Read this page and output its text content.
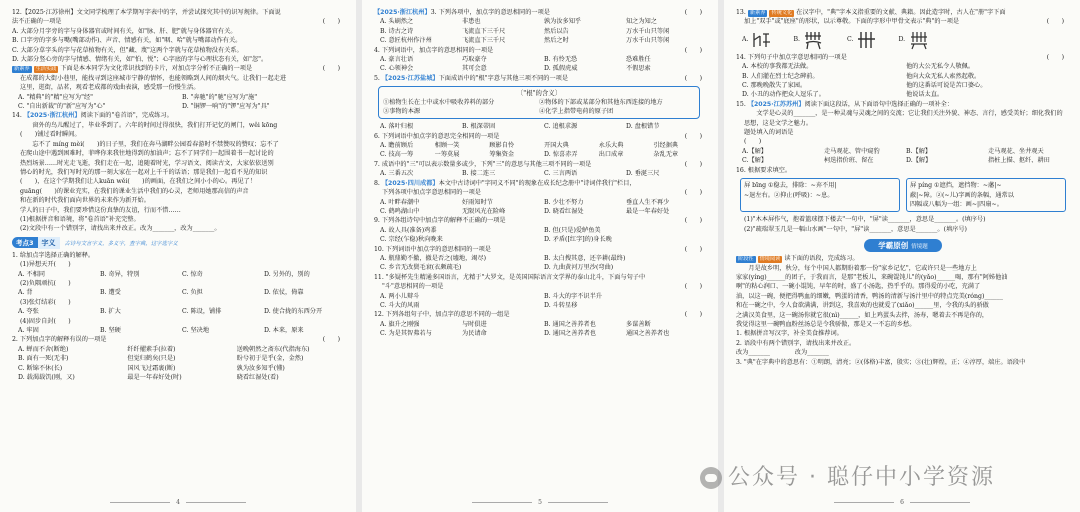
12.【2025·江苏徐州】文文同学梳理了本学期写字表中的字，并尝试探究其中的识写规律。下面说
法不正确的一项是	(　　)
A. 大部分月字旁的字与身体器官或时间有关，如"脉、肝、肥"就与身体器官有关。
B. 口字旁的字多与嘴(嘴部动作)、声音、情感有关，如"咽、哈"就与嘴部动作有关。
C. 大部分草字头的字与花草植物有关，但"藏、蔑"这两个字就与花草植物没有关系。
D. 大部分竖心旁的字与情感、情绪有关，如"怕、悦"；心字底的字与心理状态有关，如"忽"。
新素养 生活实践 下面是本本同学为文化常识找到的卡片，对加点字分析不正确的一项是	(　　)
在成都的大街小巷里，能找寻到这座城市宁静的情怀，也能领略到人间的烟火气。让我们一起走进
这里，逛街，品茗，观看老成都的戏曲表演，感受那一份慢生活。
A. "精典"的"精"应写为"经"	B. "奔驰"的"驰"应写为"施"
C. "自出新裁"的"新"应写为"心"	D. "铜锣一响"的"锣"应写为"具"
14. 【2025·浙江杭州】阅读下面的"卷首语"，完成练习。
　　窗外的鸟儿醒过了，毕业季到了。六年的时间过得很快，我们打开记忆的闸门，wěi kōng
(　　)铺过看时瞬间。
　　忘不了 míng mèi(　　)的日子里，我们在奔马湖畔公园看春游时不禁赞叹的赞叹；忘不了
在爬山途中遇到困难时，菲哗你来我往地得到的加油声；忘不了同学们一起围着书一起讨论的
热烈场景……时光走飞逝，我们走在一起，追随着时光，学习语文、阅读古文，大家依依送别
情心的时光，我们写时光的那一刻大家在一起对上千千的话语；那是我们一起看不见的知识
(　　)，在这个学期我们让人kuān wěi(　　)的画面，在我们之间小小的心。再见了！
guāng(　　)的课业充实，在我们的课业生活中我们的心灵，老师用她那高信的声音
和在新的时代我们面向世界的未来作为新开始。
学人的日子中，我们要珍惜这份真挚的友谊，行而不惜……
(1)根据拼音和语境，将"卷首语"补充完整。
(2)文段中有一个错别字，请找出来并改正。改为_______，改为_______。
考点3	字义	古诗与文言字义，多义字，查字典，这字选字义
1. 给加点字选择正确的解释。
(1)异想天开(　　)
A. 不相同	B. 奇异，特别	C. 惊奇	D. 另外的，别的
(2)负隅顽抗(　　)
A. 背	B. 遭受	C. 负担	D. 依仗，倚靠
(3)张灯结彩(　　)
A. 夸张	B. 扩大	C. 陈设，铺排	D. 使合拢的东西分开
(4)固步自封(　　)
A. 牢固	B. 坚硬	C. 坚决地	D. 本来，原来
2. 下列加点字的解释有误的一项是	(　　)
A. 蝉而不舍(断绝)	纤纤擢素手(拉着)	送晚朝然之斋东(代指海东)
B. 面有一死(无非)	但觉归鹤矣(只是)	盼兮初于是乎(金，金然)
C. 断锦不休(长)	国风飞过霜裹(断)	孰为汝多知乎(懂)
D. 载渴载饥(刚，又)	最是一年春好处(时)	晓看红湿处(看)
4
【2025·浙江杭州】3. 下列各项中，加点字的意思相同的一项是	(　　)
A. 头刷然之	非患也	孰为汝多知乎	知之为知之
B. 诗古之诗	飞流直下三千尺	然后以告	万水千山只等闲
C. 意匠杭州作汴州	飞流直下三千尺	然后之时	万水千山只等闲
4. 下列词语中，加点字的意思相同的一项是	(　　)
A. 豪言壮语	巧取豪夺	B. 有怜无恐	恐难胜任
C. 心领神会	其可会意	D. 孤假虎威	不假思索
5. 【2025·江苏盐城】下面成语中的"根"字意与其他三项不同的一项是	(　　)
〔"根"的含义〕
①植物生长在土中或水中吸收养料的部分	②物体的下部或某部分和其他东西连接的地方
③事物的本源	④化学上指带电荷的原子团
A. 落叶归根	B. 根深蒂固	C. 追根求源	D. 盘根错节
6. 下列词语中加点字的意思完全相同的一项是	(　　)
A. 瞻前顾后	相顾一笑	顾影自怜	开国大典	永乐大典	引经据典
C. 技高一筹	一筹莫展	筹集资金	D. 惊喜赤弄	出口成章	杂乱无章
7. 成语中的"三"可以表示数量多或少，下列"三"的意思与其他三项不同的一项是	(　　)
A. 三番五次	B. 接二连三	C. 三言两语	D. 垂涎三尺
8. 【2025·四川成都】本文中古诗词中"字同义不同"的现象在成长纪念册中"诗词伴我行"栏目，
下列各项中加点字意思相同的一项是	(　　)
A. 叶畔春潮中	好雨知时节	B. 少壮不努力	垂直人生不再少
C. 鹤鸣湖山中	无限风光在险峰	D. 晓看红湿处	最是一年春好处
9. 下列各组诗句中加点字的解释不正确的一项是	(　　)
A. 故人具(准备)鸡黍	B. 但(只是)爱鲈鱼美
C. 宗经(乍稳)秋向晚来	D. 矛盾([红字]的)身长晚
10. 下列词语中加点字的意思相同的一项是	(　　)
A. 瓶鼎勤不撤，撤是否之(墟地，竭尽)	B. 太白搜其意，还辛耕(最终)
C. 乡音无改鬓毛衰(衣颇疏毛)	D. 九曲黄河万里沙(弯曲)
11. "多疑杯先生精通多国语言，尤精于"大罗文，是英国国际语言文学界的泰山北斗，下面与句子中
"斗"意思相同的一项是	(　　)
A. 两小儿辩斗	B. 斗大的字不识半升
C. 斗大的风雨	D. 斗转星移
12. 下列各组句子中，加点字的意思不同的一组是	(　　)
A. 旗升之刚强	与时俱进	B. 通国之善养者也	多谋善断
C. 为是其智弗若与	为民请命	D. 通国之善养者也	通国之善养者也
5
13. 新素养 传统文化 在汉字中，"典"字本义指重要的文献、典籍。因此造字时，古人在"册"字下面
加上"双手"或"底座"的形状，以示尊敬。下面的字形中甲骨文表示"典"的一项是	(　　)
A.	B.	C.	D.
14. 下列句子中加点字意思相同的一项是	(　　)
A. 本校的事我都无法做。	他的大公无私令人敬佩。
B. 人们灌在烈士纪念碑前。	他向大众无私人索然起敬。
C. 那晚晚散失了家园。	他的这番话可说是苦口婆心。
D. 小丑的动作把众人逗乐了。	他说话太直。
15. 【2025·江苏苏州】阅读下面这段话，从下面语句中选择正确的一项补全：
　　文学是心灵的_______，是一种灵魂与灵魂之间的交流；它让我们关注外貌、神态、言行，感受美好；细化我们的
思想，这是文学之魅力。
题处填入的词语是
(　　)
A.【解】	走马观花、管中窥豹	B.【解】	走马观花、坐井观天
C.【解】	柯迭指价班、留在	D.【解】	指桩上描、抠纤、耕田
16. 根据要求填空。
屏 bīng ①稳去，排除：~弃不用|
~退左右。②抑止(呼吸)：~息。
屏 píng ①遮挡，遮挡物：~藩|~
蔽|~障。②(~儿)字画的条幅，通常以
四幅或八幅为一组：画~|四扇~。
(1)"木本屏作气，抱着篮球摆下楼去"一句中，"屏"读_______，意思是_______。(填序号)
(2)"疏瑞翠玉几是一幅山水画"一句中，"屏"读_______，意思是_______。(填序号)
学霸原创 情境题
阶段性 情境阅读 读下面的语段，完成练习。
　　月是故乡明，秋分，每个中国人都期盼着那一份"家乡记忆"，它或许只是一些地方上
家家(yíng)______的团子，于我而言，是那"老板儿，来碗馄饨儿"的(yǎo)______喝，那有"阿姊他油
啊"的粘心润口、一碗小馄饨，早年的时，盛了小汤匙，热乎乎的。那得爱的小吃，充满了
油，以这一碗，便把得鸭血的细嫩，鸭蛋的清香，鸭汤的清新与汤汁里中的特点完美(róng)______
和在一碗之中，令人食欲满满，讲到这，我喜欢的也就爱了(xiǎo)______里，令我的头的骄傲
之满汉美食里，这一碗汤你就它很(nì)______，如上鸡蛋头去拌，汤寿，嗯着去不再是你的，
我觉得这里一碗鸭血粉丝汤总是令我骄傲，那是又一不忘的乡愁。
1. 根据拼音写汉字，补全美食推荐词。
2. 语段中有两个错别字，请找出来并改正。
改为_______　　　　改为_______
3. "典"在字典中的意思有：①明朗，清亮；②(体格)丰富，殷实；③(壮)辉煌，正；④淳厚，端庄。语段中
6
公众号 · 聪仔中小学资源
